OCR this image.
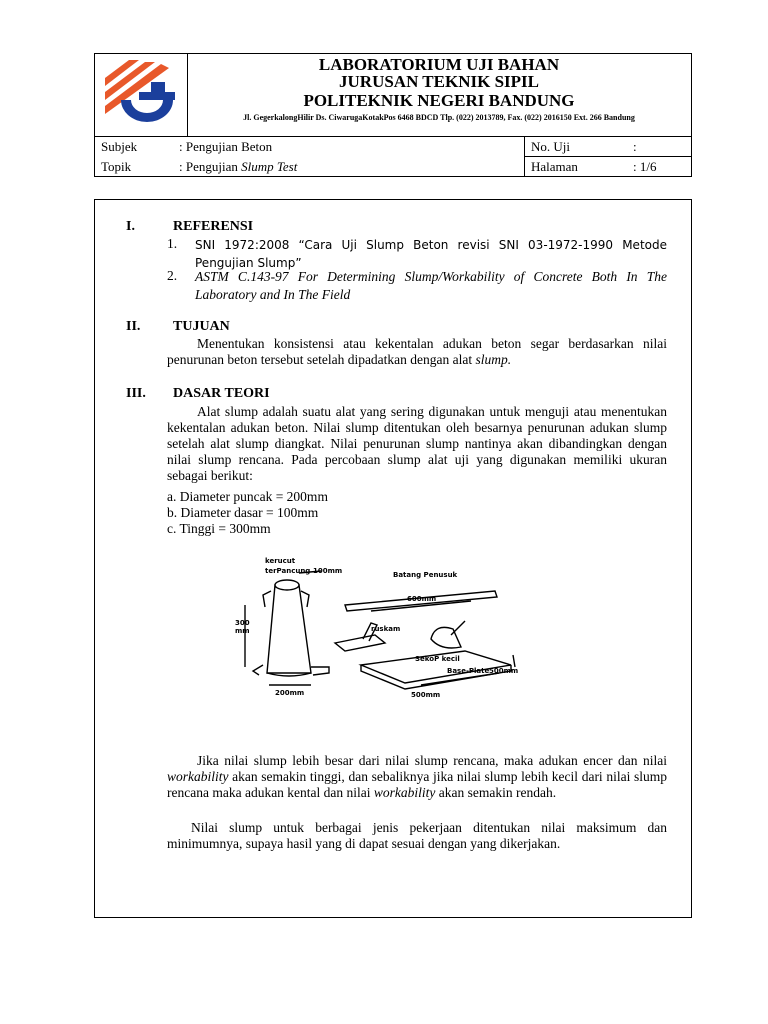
LABORATORIUM UJI BAHAN
JURUSAN TEKNIK SIPIL
POLITEKNIK NEGERI BANDUNG
Jl. GegerkalongHilir Ds. CiwarugaKotakPos 6468 BDCD Tlp. (022) 2013789, Fax. (022) 2016150 Ext. 266 Bandung
Subjek	: Pengujian Beton	No. Uji	:
Topik	: Pengujian Slump Test	Halaman	: 1/6
I.	REFERENSI
1. SNI 1972:2008 “Cara Uji Slump Beton revisi SNI 03-1972-1990 Metode Pengujian Slump”
2. ASTM C.143-97 For Determining Slump/Workability of Concrete Both In The Laboratory and In The Field
II. TUJUAN
Menentukan konsistensi atau kekentalan adukan beton segar berdasarkan nilai penurunan beton tersebut setelah dipadatkan dengan alat slump.
III. DASAR TEORI
Alat slump adalah suatu alat yang sering digunakan untuk menguji atau menentukan kekentalan adukan beton. Nilai slump ditentukan oleh besarnya penurunan adukan slump setelah alat slump diangkat. Nilai penurunan slump nantinya akan dibandingkan dengan nilai slump rencana. Pada percobaan slump alat uji yang digunakan memiliki ukuran sebagai berikut:
a. Diameter puncak = 200mm
b. Diameter dasar = 100mm
c. Tinggi = 300mm
kerucut
terPancung 100mm	Batang Penusuk
600mm
300
mm	ruskam
SekoP kecil
Base-Plate 500mm
500mm
200mm
Jika nilai slump lebih besar dari nilai slump rencana, maka adukan encer dan nilai workability akan semakin tinggi, dan sebaliknya jika nilai slump lebih kecil dari nilai slump rencana maka adukan kental dan nilai workability akan semakin rendah.
Nilai slump untuk berbagai jenis pekerjaan ditentukan nilai maksimum dan minimumnya, supaya hasil yang di dapat sesuai dengan yang dikerjakan.
